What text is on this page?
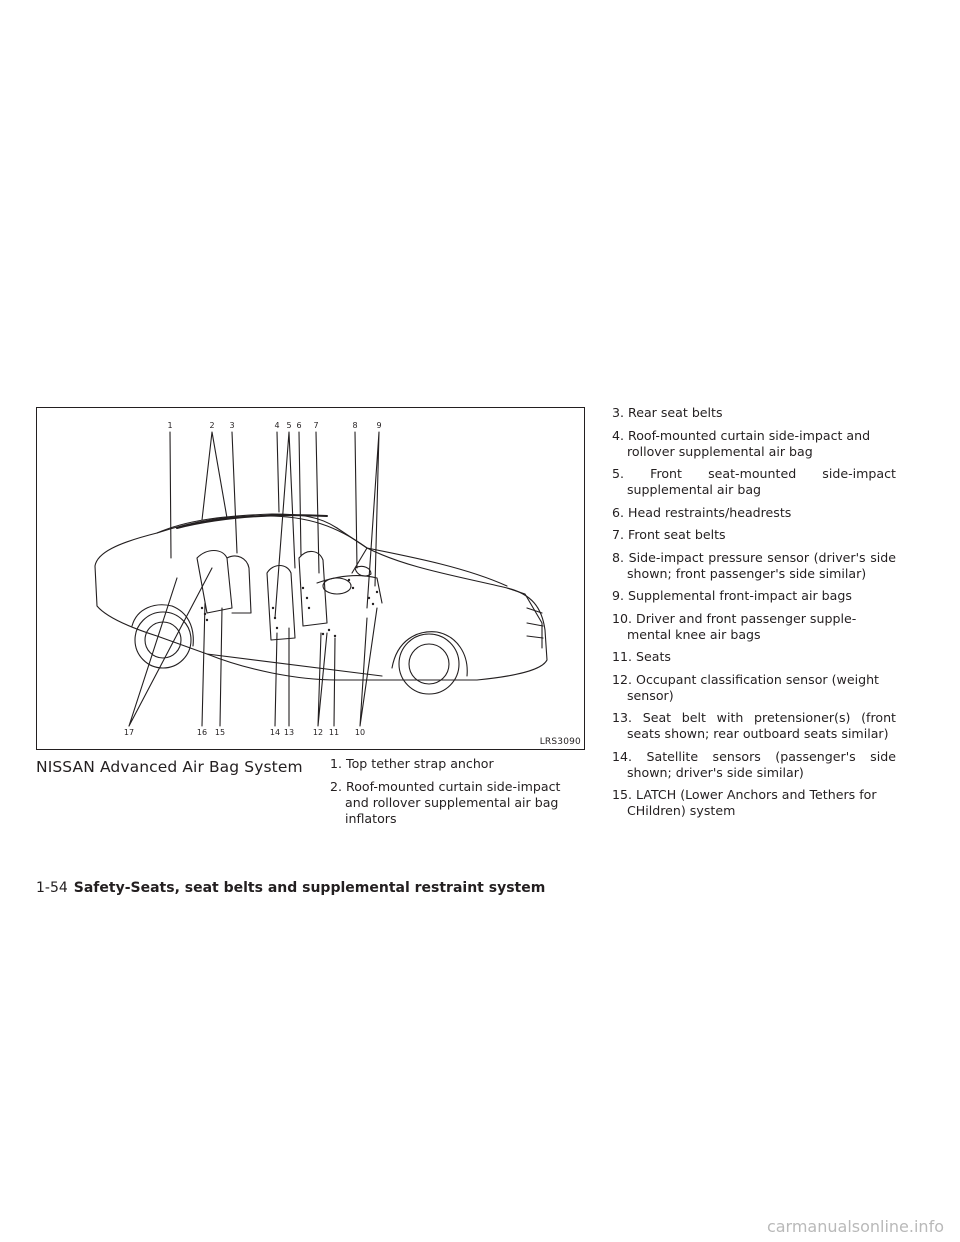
1	2 3	4 5 6 7	8 9
17	16 15	14 13 12 11 10
LRS3090
NISSAN Advanced Air Bag System	1. Top tether strap anchor

2. Roof-mounted curtain side-impact and rollover supplemental air bag inflators

3. Rear seat belts

4. Roof-mounted curtain side-impact and rollover supplemental air bag

5. Front seat-mounted side-impact supplemental air bag

6. Head restraints/headrests

7. Front seat belts

8. Side-impact pressure sensor (driver's side shown; front passenger's side similar)

9. Supplemental front-impact air bags

10. Driver and front passenger supple-mental knee air bags

11. Seats

12. Occupant classification sensor (weight sensor)

13. Seat belt with pretensioner(s) (front seats shown; rear outboard seats similar)

14. Satellite sensors (passenger's side shown; driver's side similar)

15. LATCH (Lower Anchors and Tethers for CHildren) system

1-54 Safety-Seats, seat belts and supplemental restraint system
carmanualsonline.info
